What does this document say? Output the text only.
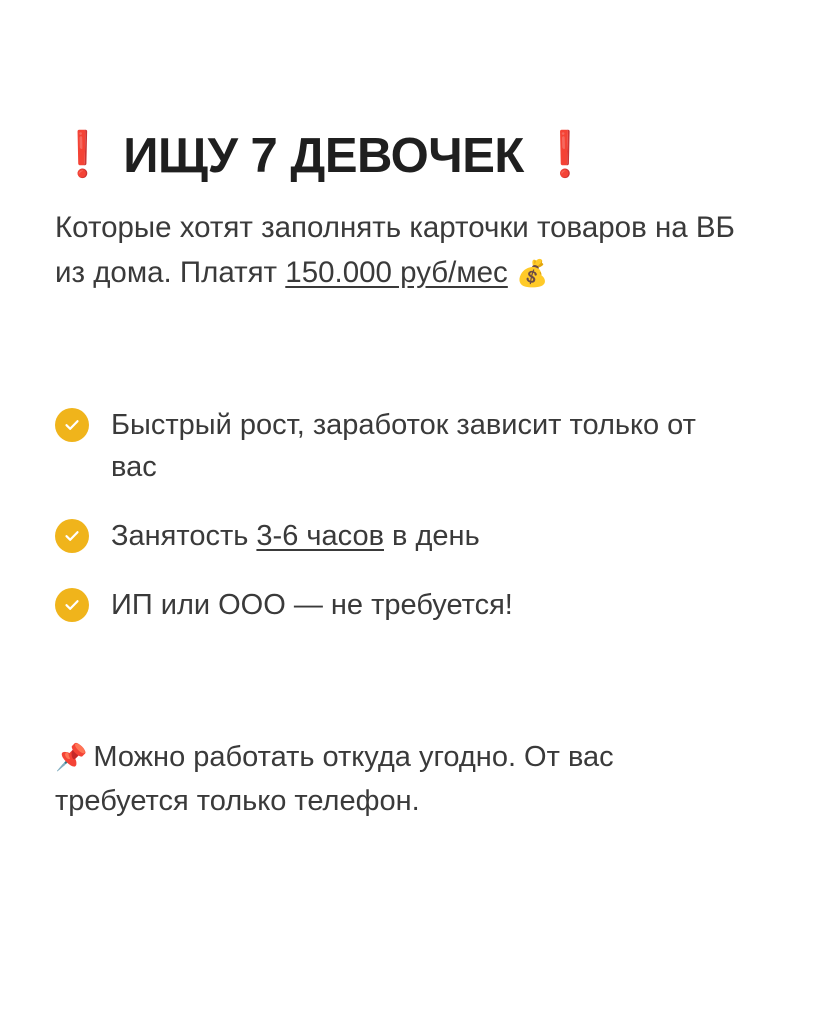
❗ ИЩУ 7 ДЕВОЧЕК ❗

Которые хотят заполнять карточки товаров на ВБ из дома. Платят 150.000 руб/мес 💰

Быстрый рост, заработок зависит только от вас
Занятость 3-6 часов в день
ИП или ООО — не требуется!

📌 Можно работать откуда угодно. От вас требуется только телефон.
